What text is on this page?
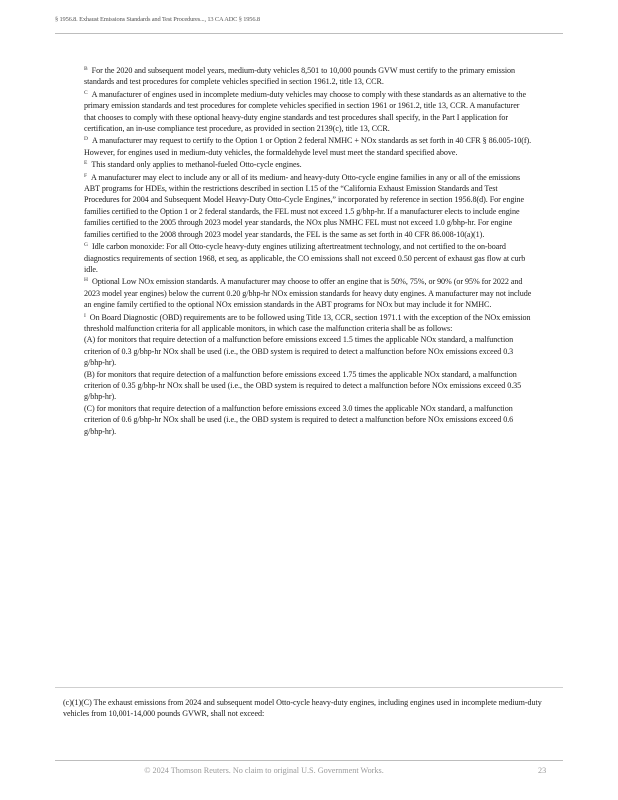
§ 1956.8. Exhaust Emissions Standards and Test Procedures..., 13 CA ADC § 1956.8

$^B$ For the 2020 and subsequent model years, medium-duty vehicles 8,501 to 10,000 pounds GVW must certify to the primary emission standards and test procedures for complete vehicles specified in section 1961.2, title 13, CCR.

$^C$ A manufacturer of engines used in incomplete medium-duty vehicles may choose to comply with these standards as an alternative to the primary emission standards and test procedures for complete vehicles specified in section 1961 or 1961.2, title 13, CCR. A manufacturer that chooses to comply with these optional heavy-duty engine standards and test procedures shall specify, in the Part I application for certification, an in-use compliance test procedure, as provided in section 2139(c), title 13, CCR.

$^D$ A manufacturer may request to certify to the Option 1 or Option 2 federal NMHC + NOx standards as set forth in 40 CFR § 86.005-10(f). However, for engines used in medium-duty vehicles, the formaldehyde level must meet the standard specified above.

$^E$ This standard only applies to methanol-fueled Otto-cycle engines.

$^F$ A manufacturer may elect to include any or all of its medium- and heavy-duty Otto-cycle engine families in any or all of the emissions ABT programs for HDEs, within the restrictions described in section I.15 of the “California Exhaust Emission Standards and Test Procedures for 2004 and Subsequent Model Heavy-Duty Otto-Cycle Engines,” incorporated by reference in section 1956.8(d). For engine families certified to the Option 1 or 2 federal standards, the FEL must not exceed 1.5 g/bhp-hr. If a manufacturer elects to include engine families certified to the 2005 through 2023 model year standards, the NOx plus NMHC FEL must not exceed 1.0 g/bhp-hr. For engine families certified to the 2008 through 2023 model year standards, the FEL is the same as set forth in 40 CFR 86.008-10(a)(1).

$^G$ Idle carbon monoxide: For all Otto-cycle heavy-duty engines utilizing aftertreatment technology, and not certified to the on-board diagnostics requirements of section 1968, et seq, as applicable, the CO emissions shall not exceed 0.50 percent of exhaust gas flow at curb idle.

$^H$ Optional Low NOx emission standards. A manufacturer may choose to offer an engine that is 50%, 75%, or 90% (or 95% for 2022 and 2023 model year engines) below the current 0.20 g/bhp-hr NOx emission standards for heavy duty engines. A manufacturer may not include an engine family certified to the optional NOx emission standards in the ABT programs for NOx but may include it for NMHC.

$^I$ On Board Diagnostic (OBD) requirements are to be followed using Title 13, CCR, section 1971.1 with the exception of the NOx emission threshold malfunction criteria for all applicable monitors, in which case the malfunction criteria shall be as follows:

(A) for monitors that require detection of a malfunction before emissions exceed 1.5 times the applicable NOx standard, a malfunction criterion of 0.3 g/bhp-hr NOx shall be used (i.e., the OBD system is required to detect a malfunction before NOx emissions exceed 0.3 g/bhp-hr).

(B) for monitors that require detection of a malfunction before emissions exceed 1.75 times the applicable NOx standard, a malfunction criterion of 0.35 g/bhp-hr NOx shall be used (i.e., the OBD system is required to detect a malfunction before NOx emissions exceed 0.35 g/bhp-hr).

(C) for monitors that require detection of a malfunction before emissions exceed 3.0 times the applicable NOx standard, a malfunction criterion of 0.6 g/bhp-hr NOx shall be used (i.e., the OBD system is required to detect a malfunction before NOx emissions exceed 0.6 g/bhp-hr).

(c)(1)(C) The exhaust emissions from 2024 and subsequent model Otto-cycle heavy-duty engines, including engines used in incomplete medium-duty vehicles from 10,001-14,000 pounds GVWR, shall not exceed:

© 2024 Thomson Reuters. No claim to original U.S. Government Works.	23
